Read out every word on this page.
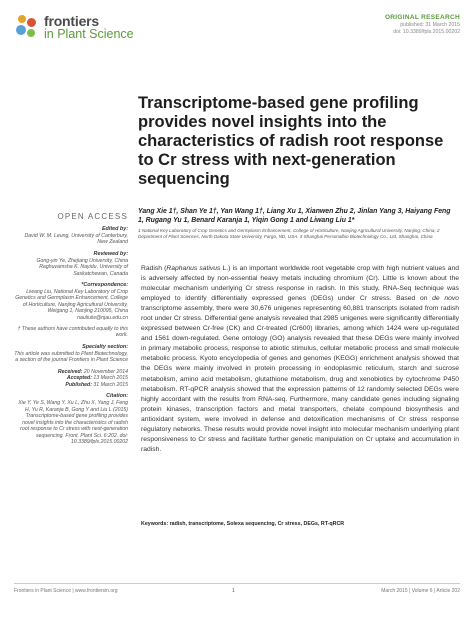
frontiers
in Plant Science
ORIGINAL RESEARCH
published: 31 March 2015
doi: 10.3389/fpls.2015.00202
Transcriptome-based gene profiling provides novel insights into the characteristics of radish root response to Cr stress with next-generation sequencing
Yang Xie 1†, Shan Ye 1†, Yan Wang 1†, Liang Xu 1, Xianwen Zhu 2, Jinlan Yang 3, Haiyang Feng 1, Rugang Yu 1, Benard Karanja 1, Yiqin Gong 1 and Liwang Liu 1*
1 National Key Laboratory of Crop Genetics and Germplasm Enhancement, College of Horticulture, Nanjing Agricultural University, Nanjing, China, 2 Department of Plant Sciences, North Dakota State University, Fargo, ND, USA, 3 Shanghai Personalbio Biotechnology Co., Ltd, Shanghai, China
OPEN ACCESS
Edited by:
David W. M. Leung, University of Canterbury, New Zealand
Reviewed by:
Gong-yin Ye, Zhejiang University, China Raghuvamsha K. Nayidu, University of Saskatchewan, Canada
*Correspondence:
Liwang Liu, National Key Laboratory of Crop Genetics and Germplasm Enhancement, College of Horticulture, Nanjing Agricultural University, Weigang 1, Nanjing 210095, China nauliulw@njau.edu.cn
† These authors have contributed equally to this work.
Specialty section:
This article was submitted to Plant Biotechnology, a section of the journal Frontiers in Plant Science
Received: 20 November 2014
Accepted: 13 March 2015
Published: 31 March 2015
Citation:
Xie Y, Ye S, Wang Y, Xu L, Zhu X, Yang J, Feng H, Yu R, Karanja B, Gong Y and Liu L (2015) Transcriptome-based gene profiling provides novel insights into the characteristics of radish root response to Cr stress with next-generation sequencing. Front. Plant Sci. 6:202. doi: 10.3389/fpls.2015.00202
Radish (Raphanus sativus L.) is an important worldwide root vegetable crop with high nutrient values and is adversely affected by non-essential heavy metals including chromium (Cr). Little is known about the molecular mechanism underlying Cr stress response in radish. In this study, RNA-Seq technique was employed to identify differentially expressed genes (DEGs) under Cr stress. Based on de novo transcriptome assembly, there were 30,676 unigenes representing 60,881 transcripts isolated from radish root under Cr stress. Differential gene analysis revealed that 2985 unigenes were significantly differentially expressed between Cr-free (CK) and Cr-treated (Cr600) libraries, among which 1424 were up-regulated and 1561 down-regulated. Gene ontology (GO) analysis revealed that these DEGs were mainly involved in primary metabolic process, response to abiotic stimulus, cellular metabolic process and small molecule metabolic process. Kyoto encyclopedia of genes and genomes (KEGG) enrichment analysis showed that the DEGs were mainly involved in protein processing in endoplasmic reticulum, starch and sucrose metabolism, amino acid metabolism, glutathione metabolism, drug and xenobiotics by cytochrome P450 metabolism. RT-qPCR analysis showed that the expression patterns of 12 randomly selected DEGs were highly accordant with the results from RNA-seq. Furthermore, many candidate genes including signaling protein kinases, transcription factors and metal transporters, chelate compound biosynthesis and antioxidant system, were involved in defense and detoxification mechanisms of Cr stress response regulatory networks. These results would provide novel insight into molecular mechanism underlying plant responsiveness to Cr stress and facilitate further genetic manipulation on Cr uptake and accumulation in radish.
Keywords: radish, transcriptome, Solexa sequencing, Cr stress, DEGs, RT-qRCR
Frontiers in Plant Science | www.frontiersin.org	1	March 2015 | Volume 6 | Article 202
